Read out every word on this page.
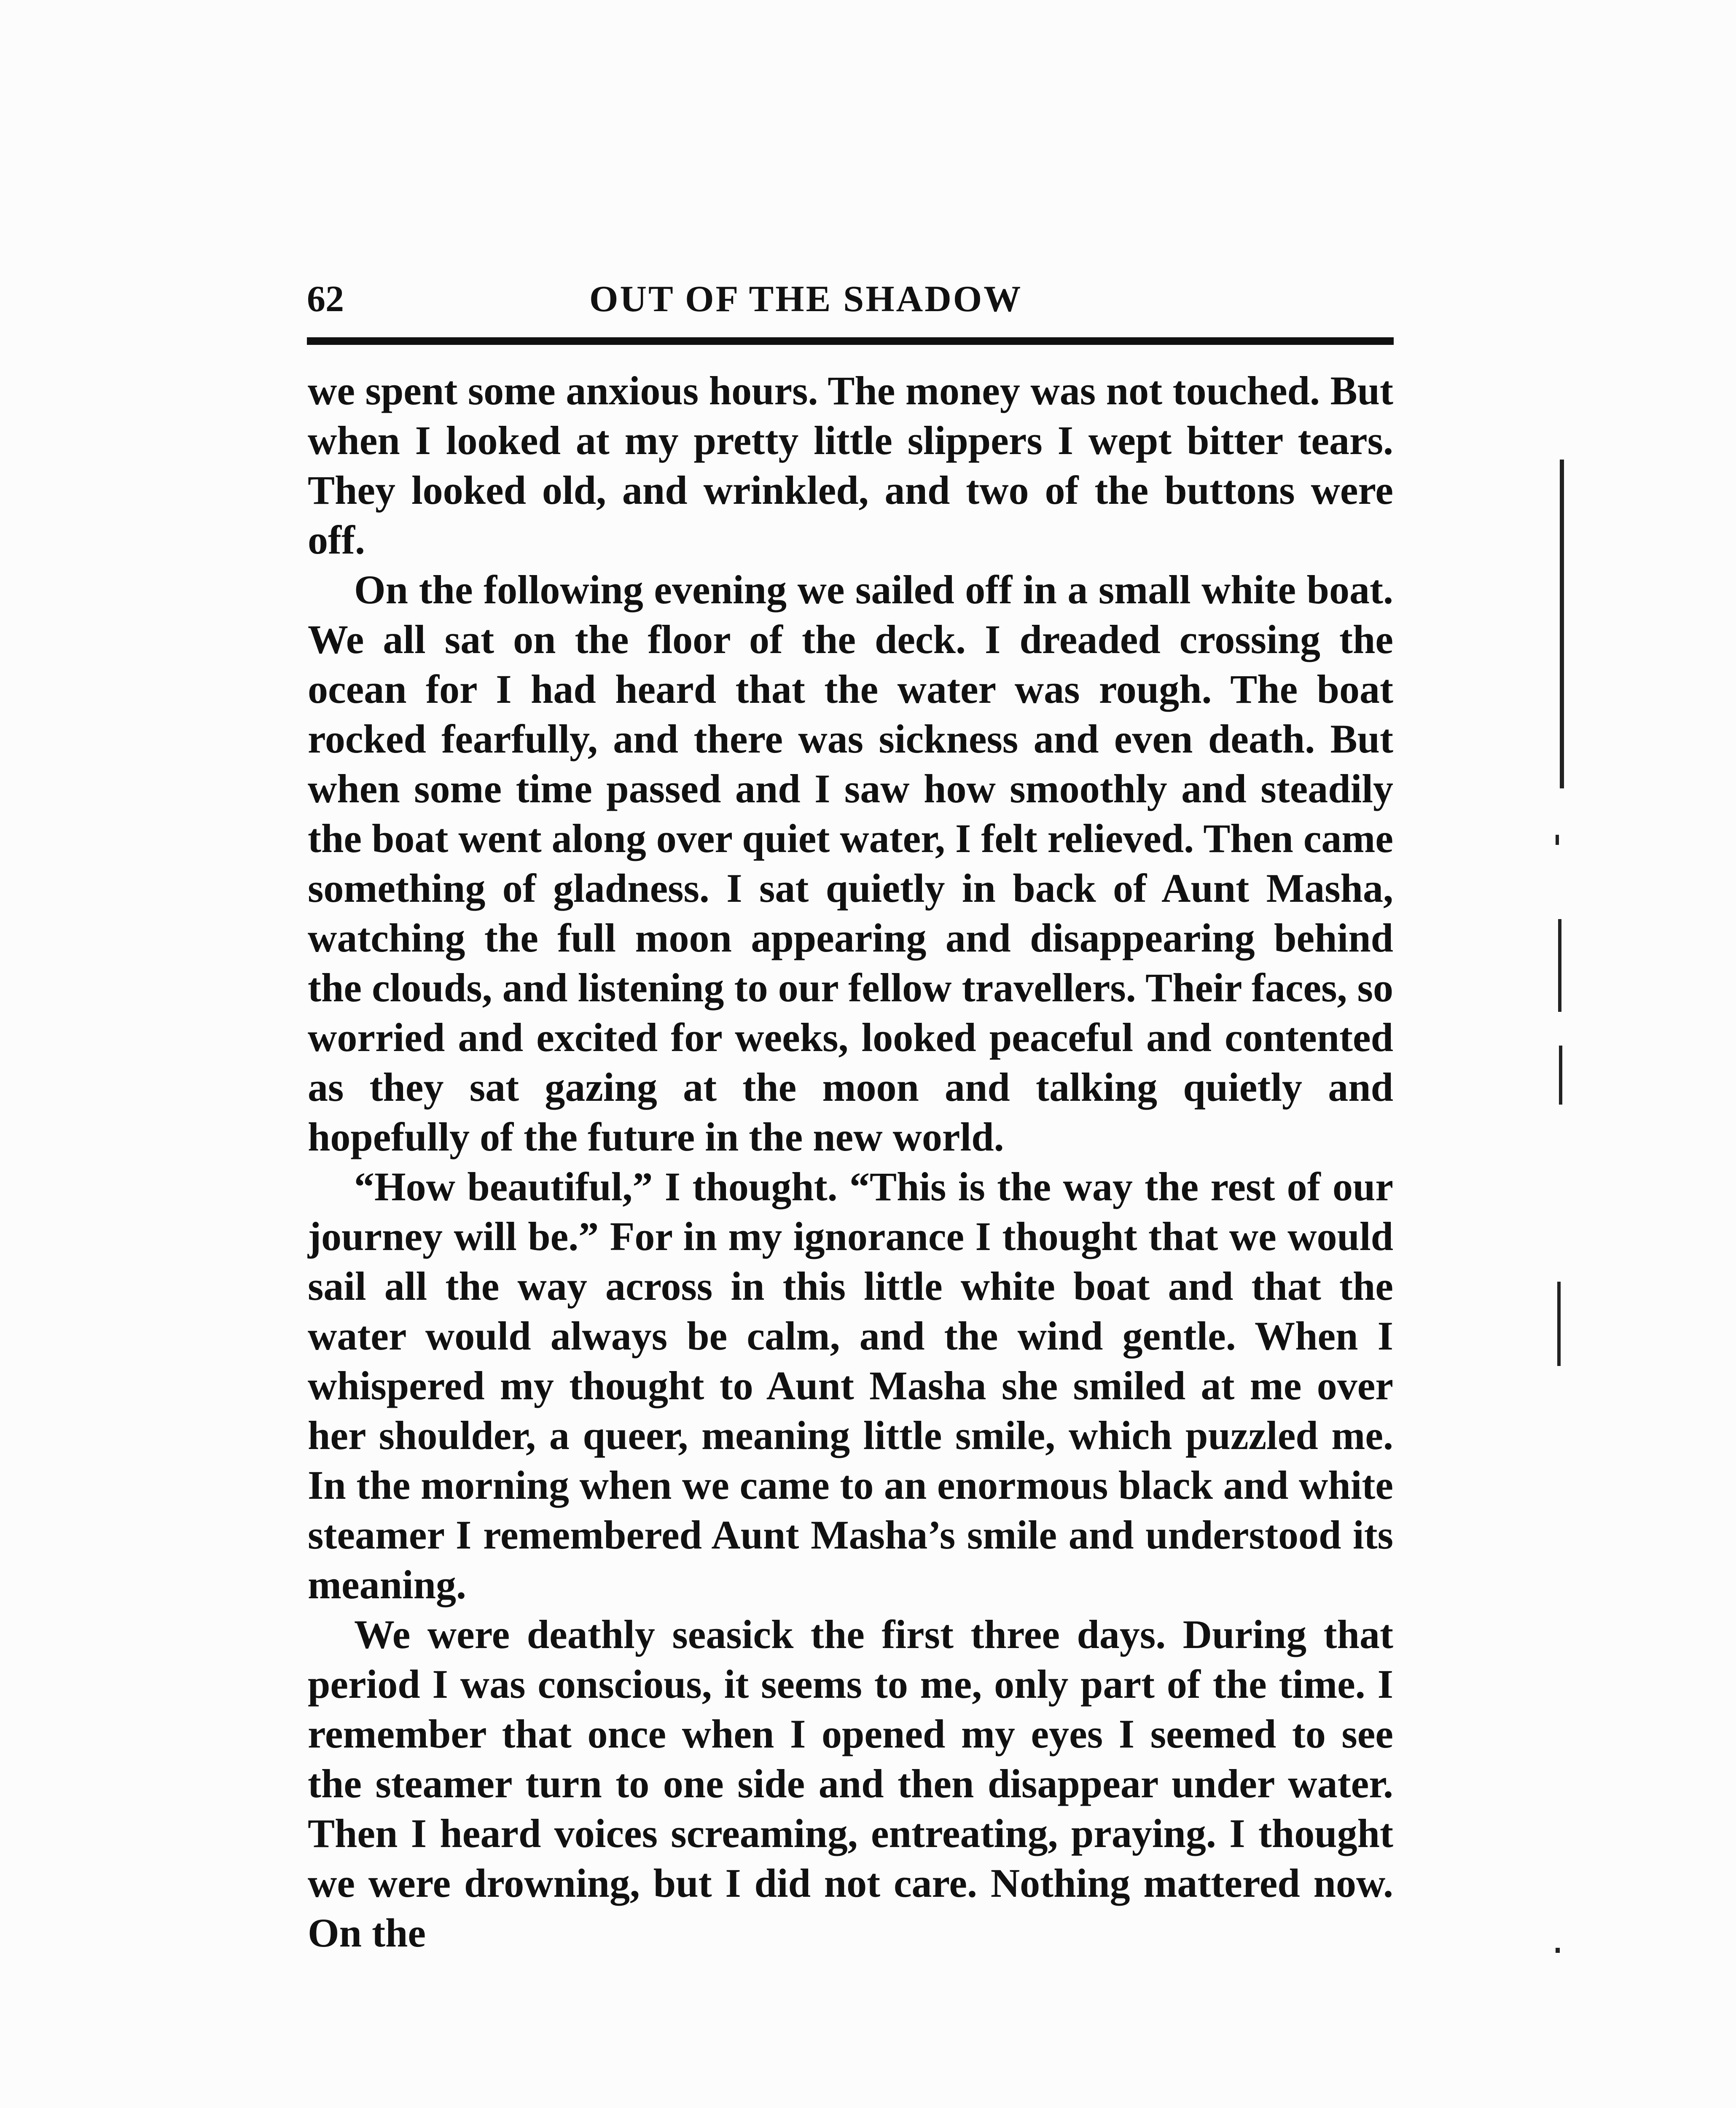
62	OUT OF THE SHADOW

we spent some anxious hours. The money was not touched. But when I looked at my pretty little slippers I wept bitter tears. They looked old, and wrinkled, and two of the buttons were off.

On the following evening we sailed off in a small white boat. We all sat on the floor of the deck. I dreaded crossing the ocean for I had heard that the water was rough. The boat rocked fearfully, and there was sickness and even death. But when some time passed and I saw how smoothly and steadily the boat went along over quiet water, I felt relieved. Then came something of gladness. I sat quietly in back of Aunt Masha, watching the full moon appearing and disappearing behind the clouds, and listening to our fellow travellers. Their faces, so worried and excited for weeks, looked peaceful and contented as they sat gazing at the moon and talking quietly and hopefully of the future in the new world.

“How beautiful,” I thought. “This is the way the rest of our journey will be.” For in my ignorance I thought that we would sail all the way across in this little white boat and that the water would always be calm, and the wind gentle. When I whispered my thought to Aunt Masha she smiled at me over her shoulder, a queer, meaning little smile, which puzzled me. In the morning when we came to an enormous black and white steamer I remembered Aunt Masha’s smile and understood its meaning.

We were deathly seasick the first three days. During that period I was conscious, it seems to me, only part of the time. I remember that once when I opened my eyes I seemed to see the steamer turn to one side and then disappear under water. Then I heard voices screaming, entreating, praying. I thought we were drowning, but I did not care. Nothing mattered now. On the
